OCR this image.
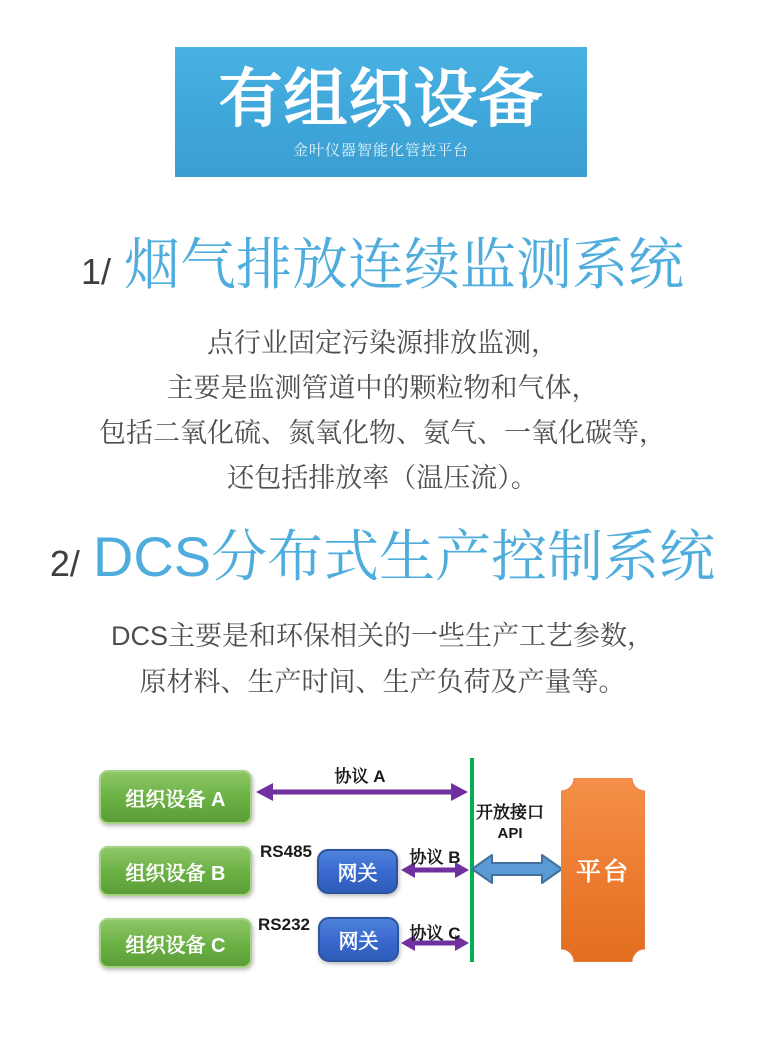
有组织设备
金叶仪器智能化管控平台
1/ 烟气排放连续监测系统
点行业固定污染源排放监测，
主要是监测管道中的颗粒物和气体，
包括二氧化硫、氮氧化物、氨气、一氧化碳等，
还包括排放率（温压流）。
2/ DCS分布式生产控制系统
DCS主要是和环保相关的一些生产工艺参数，
原材料、生产时间、生产负荷及产量等。
组织设备 A
组织设备 B
组织设备 C
网关
网关
协议 A
RS485	协议 B
RS232	协议 C
开放接口
API
平台
